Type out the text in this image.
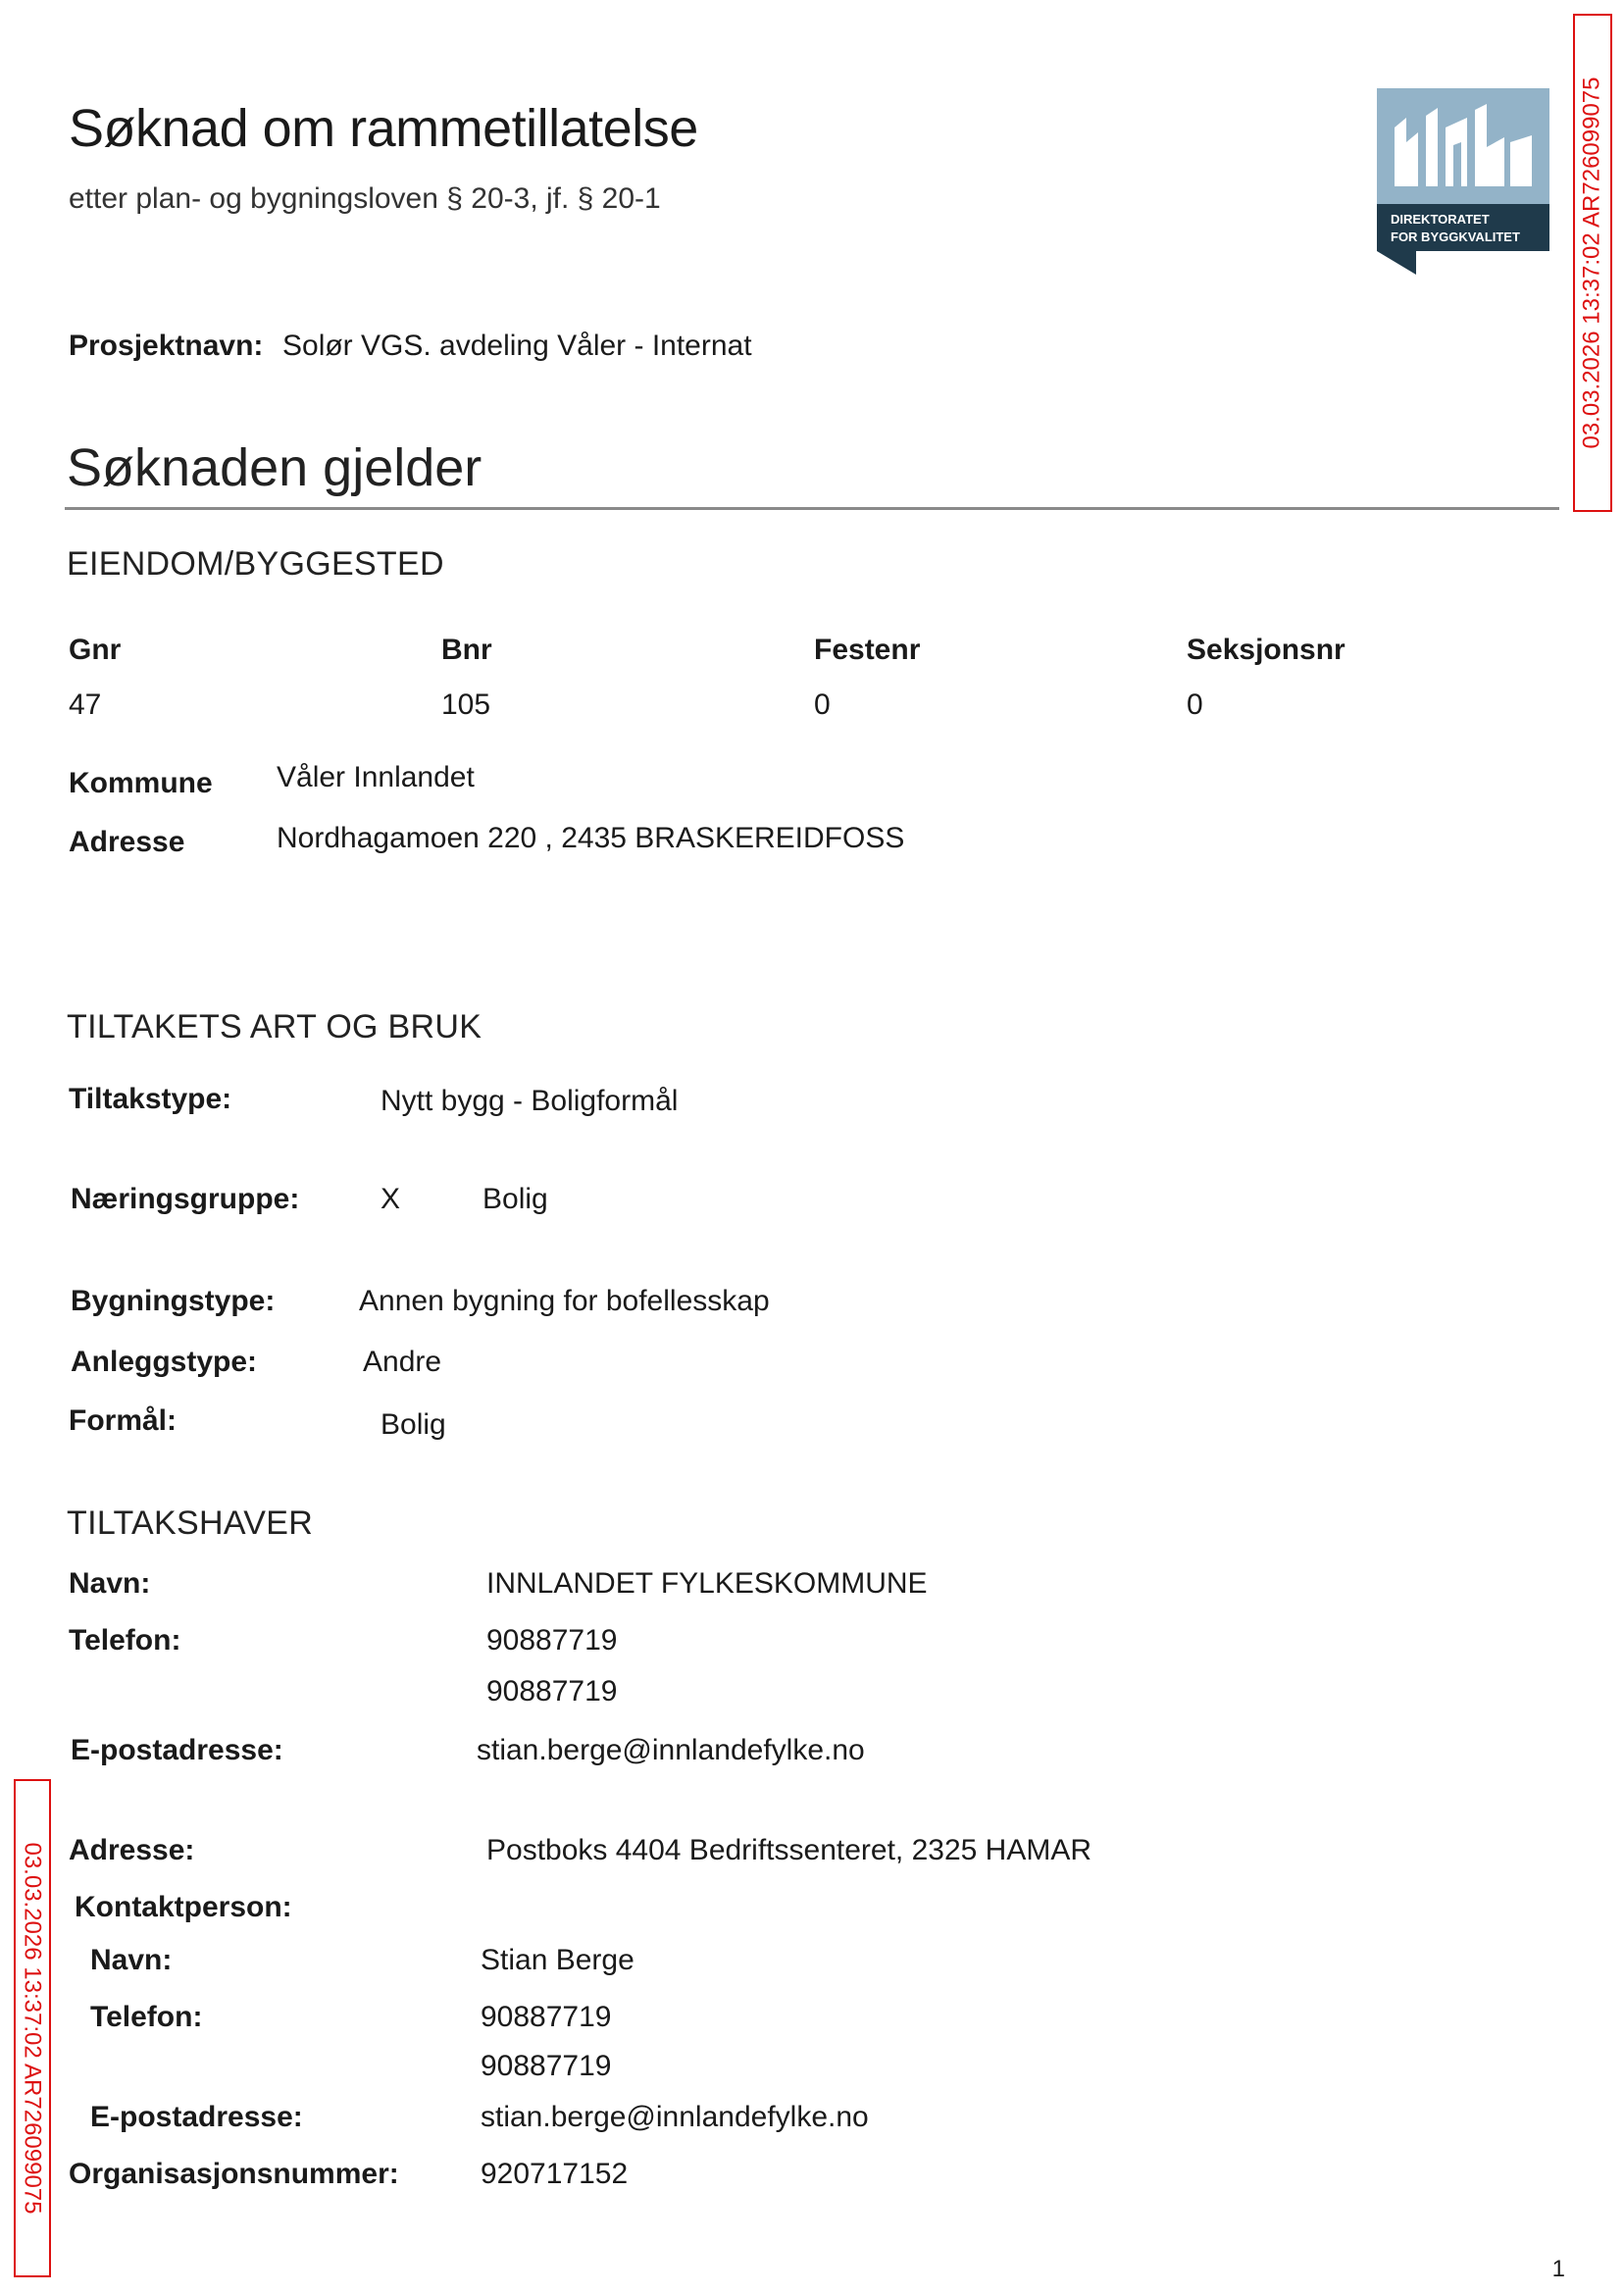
Søknad om rammetillatelse
etter plan- og bygningsloven § 20-3, jf. § 20-1
DIREKTORATET
FOR BYGGKVALITET	03.03.2026 13:37:02 AR726099075
03.03.2026 13:37:02 AR726099075
Prosjektnavn: Solør VGS. avdeling Våler - Internat
Søknaden gjelder
EIENDOM/BYGGESTED
Gnr	Bnr	Festenr	Seksjonsnr
47	105	0	0
Kommune Våler Innlandet
Adresse	Nordhagamoen 220 , 2435 BRASKEREIDFOSS
TILTAKETS ART OG BRUK
Tiltakstype:	Nytt bygg - Boligformål
Næringsgruppe:	X	Bolig
Bygningstype:	Annen bygning for bofellesskap
Anleggstype:	Andre
Formål:	Bolig
TILTAKSHAVER
Navn:	INNLANDET FYLKESKOMMUNE
Telefon:	90887719
90887719
E-postadresse:	stian.berge@innlandefylke.no
Adresse:	Postboks 4404 Bedriftssenteret, 2325 HAMAR
Kontaktperson:
Navn:	Stian Berge
Telefon:	90887719
90887719
E-postadresse:	stian.berge@innlandefylke.no
Organisasjonsnummer:	920717152
1
